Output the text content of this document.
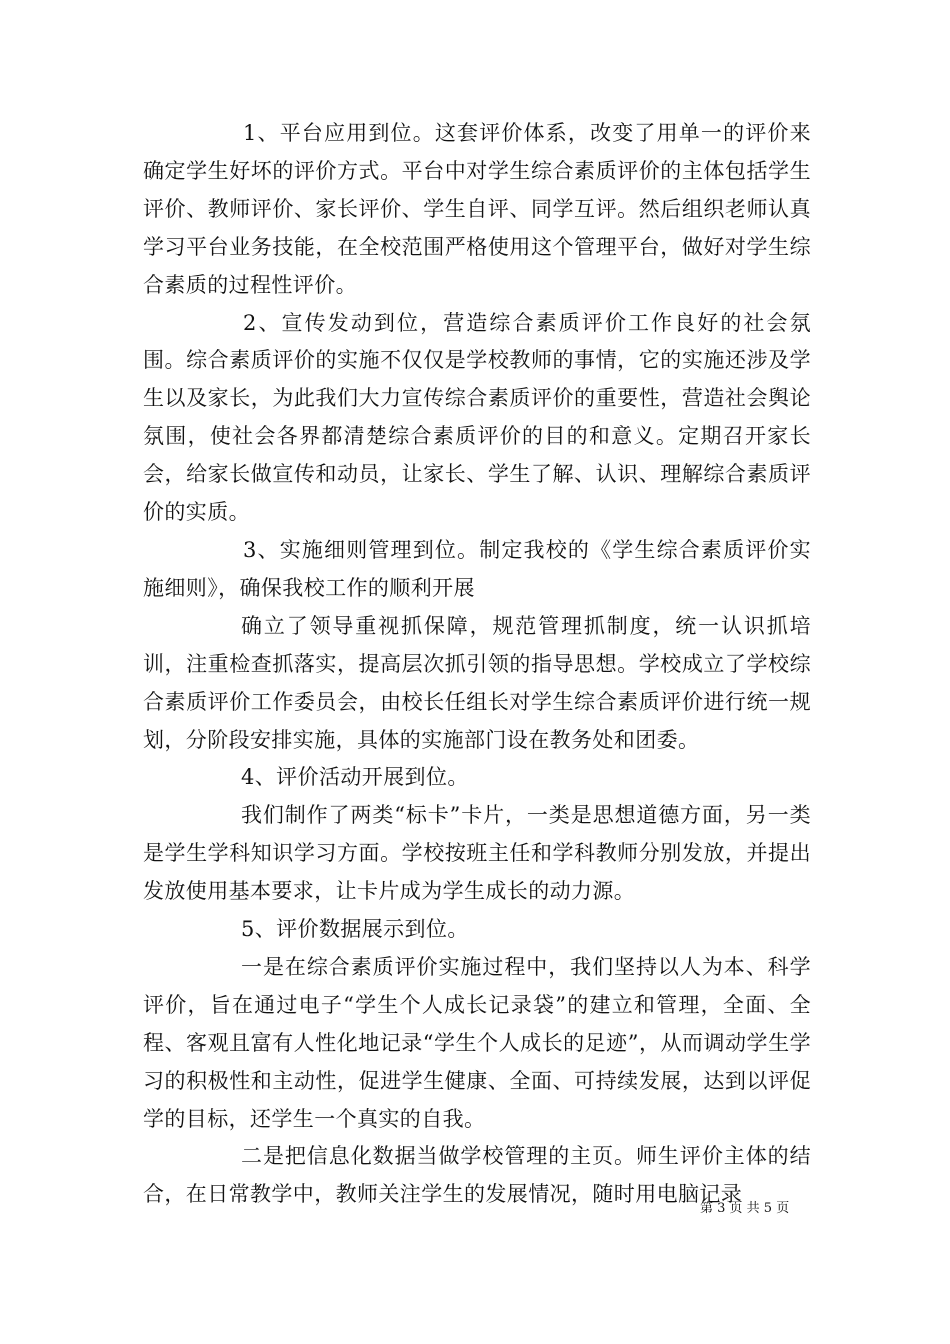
1、平台应用到位。这套评价体系，改变了用单一的评价来确定学生好坏的评价方式。平台中对学生综合素质评价的主体包括学生评价、教师评价、家长评价、学生自评、同学互评。然后组织老师认真学习平台业务技能，在全校范围严格使用这个管理平台，做好对学生综合素质的过程性评价。

2、宣传发动到位，营造综合素质评价工作良好的社会氛围。综合素质评价的实施不仅仅是学校教师的事情，它的实施还涉及学生以及家长，为此我们大力宣传综合素质评价的重要性，营造社会舆论氛围，使社会各界都清楚综合素质评价的目的和意义。定期召开家长会，给家长做宣传和动员，让家长、学生了解、认识、理解综合素质评价的实质。

3、实施细则管理到位。制定我校的《学生综合素质评价实施细则》，确保我校工作的顺利开展

确立了领导重视抓保障，规范管理抓制度，统一认识抓培训，注重检查抓落实，提高层次抓引领的指导思想。学校成立了学校综合素质评价工作委员会，由校长任组长对学生综合素质评价进行统一规划，分阶段安排实施，具体的实施部门设在教务处和团委。

4、评价活动开展到位。

我们制作了两类“标卡”卡片，一类是思想道德方面，另一类是学生学科知识学习方面。学校按班主任和学科教师分别发放，并提出发放使用基本要求，让卡片成为学生成长的动力源。

5、评价数据展示到位。

一是在综合素质评价实施过程中，我们坚持以人为本、科学评价，旨在通过电子“学生个人成长记录袋”的建立和管理，全面、全程、客观且富有人性化地记录“学生个人成长的足迹”，从而调动学生学习的积极性和主动性，促进学生健康、全面、可持续发展，达到以评促学的目标，还学生一个真实的自我。

二是把信息化数据当做学校管理的主页。师生评价主体的结合，在日常教学中，教师关注学生的发展情况，随时用电脑记录

第 3 页 共 5 页
